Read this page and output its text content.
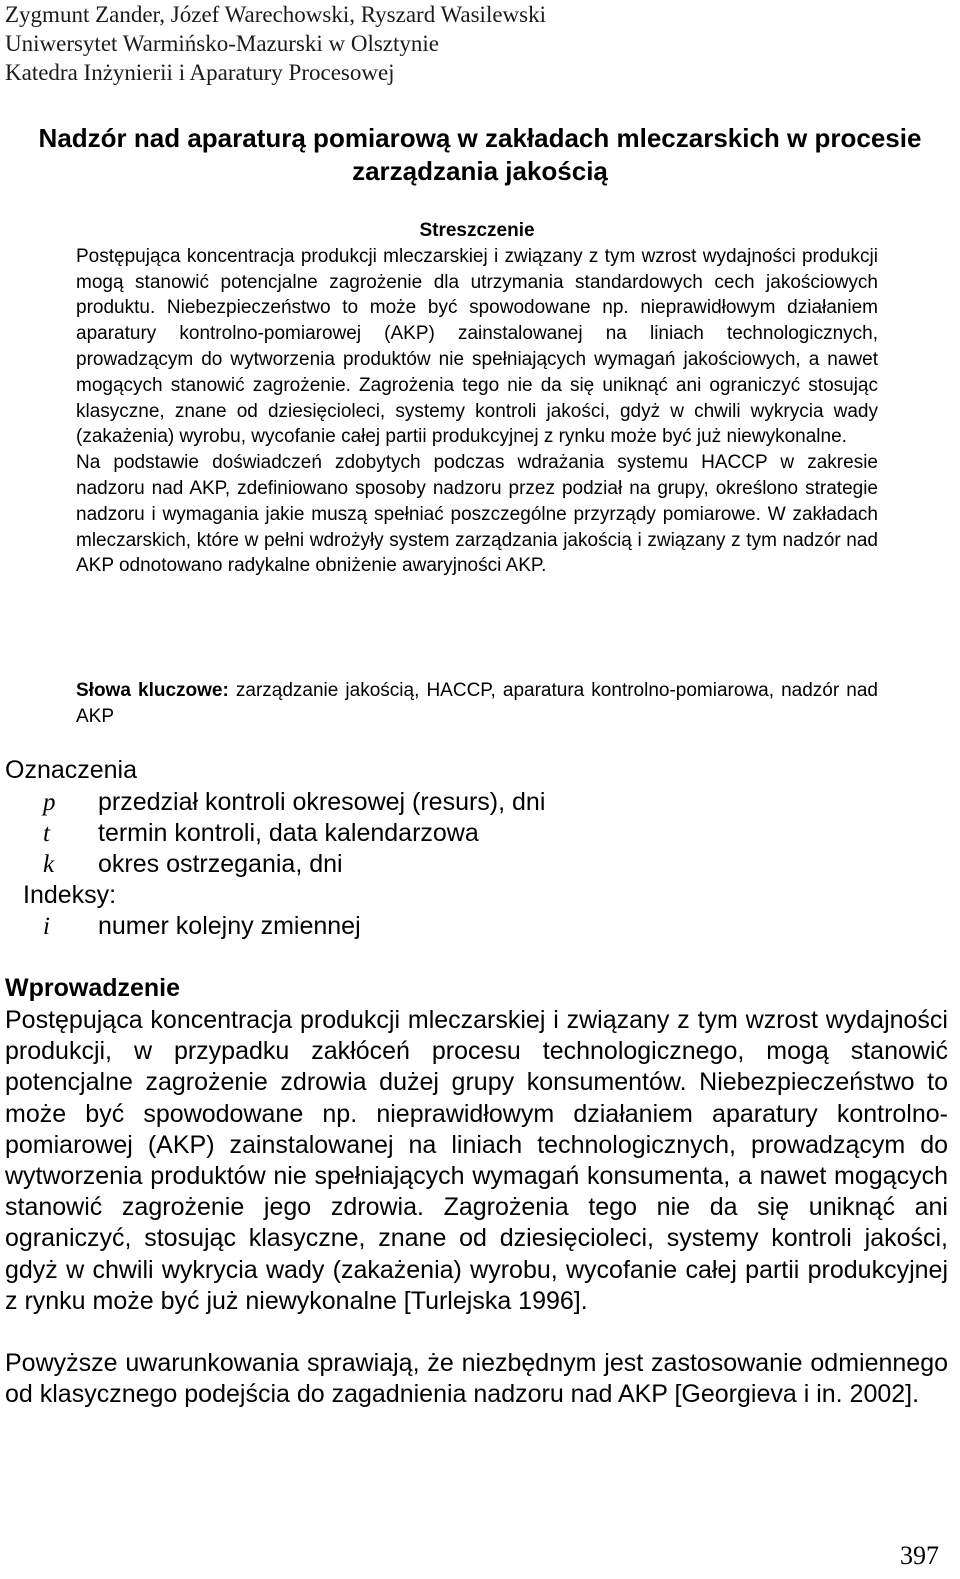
Zygmunt Zander, Józef Warechowski, Ryszard Wasilewski
Uniwersytet Warmińsko-Mazurski w Olsztynie
Katedra Inżynierii i Aparatury Procesowej
Nadzór nad aparaturą pomiarową w zakładach mleczarskich w procesie
zarządzania jakością
Streszczenie

Postępująca koncentracja produkcji mleczarskiej i związany z tym wzrost wydajności produkcji mogą stanowić potencjalne zagrożenie dla utrzymania standardowych cech jakościowych produktu. Niebezpieczeństwo to może być spowodowane np. nieprawidłowym działaniem aparatury kontrolno-pomiarowej (AKP) zainstalowanej na liniach technologicznych, prowadzącym do wytworzenia produktów nie spełniających wymagań jakościowych, a nawet mogących stanowić zagrożenie. Zagrożenia tego nie da się uniknąć ani ograniczyć stosując klasyczne, znane od dziesięcioleci, systemy kontroli jakości, gdyż w chwili wykrycia wady (zakażenia) wyrobu, wycofanie całej partii produkcyjnej z rynku może być już niewykonalne.

Na podstawie doświadczeń zdobytych podczas wdrażania systemu HACCP w zakresie nadzoru nad AKP, zdefiniowano sposoby nadzoru przez podział na grupy, określono strategie nadzoru i wymagania jakie muszą spełniać poszczególne przyrządy pomiarowe. W zakładach mleczarskich, które w pełni wdrożyły system zarządzania jakością i związany z tym nadzór nad AKP odnotowano radykalne obniżenie awaryjności AKP.

Słowa kluczowe: zarządzanie jakością, HACCP, aparatura kontrolno-pomiarowa, nadzór nad AKP
Oznaczenia
p	przedział kontroli okresowej (resurs), dni
t	termin kontroli, data kalendarzowa
k	okres ostrzegania, dni
Indeksy:
i	numer kolejny zmiennej
Wprowadzenie

Postępująca koncentracja produkcji mleczarskiej i związany z tym wzrost wydajności produkcji, w przypadku zakłóceń procesu technologicznego, mogą stanowić potencjalne zagrożenie zdrowia dużej grupy konsumentów. Niebezpieczeństwo to może być spowodowane np. nieprawidłowym działaniem aparatury kontrolno-pomiarowej (AKP) zainstalowanej na liniach technologicznych, prowadzącym do wytworzenia produktów nie spełniających wymagań konsumenta, a nawet mogących stanowić zagrożenie jego zdrowia. Zagrożenia tego nie da się uniknąć ani ograniczyć, stosując klasyczne, znane od dziesięcioleci, systemy kontroli jakości, gdyż w chwili wykrycia wady (zakażenia) wyrobu, wycofanie całej partii produkcyjnej z rynku może być już niewykonalne [Turlejska 1996].

Powyższe uwarunkowania sprawiają, że niezbędnym jest zastosowanie odmiennego od klasycznego podejścia do zagadnienia nadzoru nad AKP [Georgieva i in. 2002].

397
